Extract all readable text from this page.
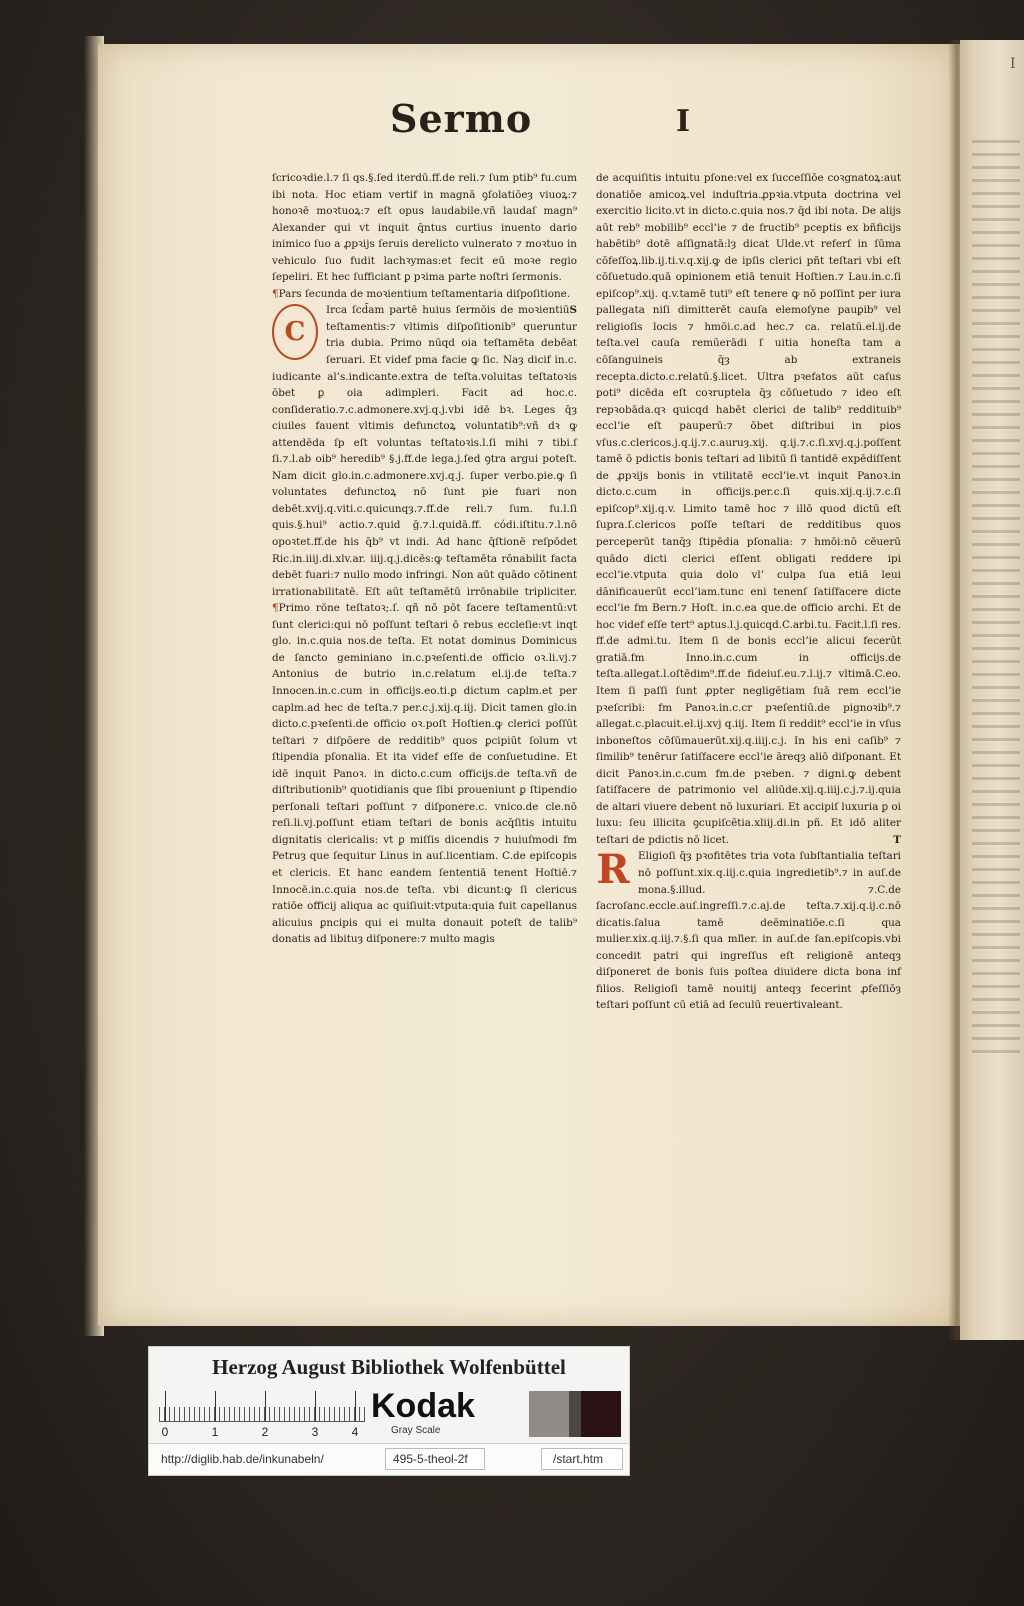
I
Sermo	I

ſcricoꝛdie.l.⁊ ſi qs.§.ſed iterdū.ff.de reli.⁊ ſum ptib⁹ fu.cum ibi nota. Hoc etiam vertif in magnā ꝯſolatiōeȝ viuoꝝ:⁊ honoꝛē moꝛtuoꝝ:⁊ eſt opus laudabile.vñ laudaſ magn⁹ Alexander qui vt inquit q̄ntus curtius inuento dario inimico ſuo a ꝓpꝛijs ſeruis derelicto vulnerato ⁊ moꝛtuo in vehiculo ſuo fudit lachꝛymas:et fecit eū moꝛe regio ſepeliri. Et hec ſufficiant ꝑ pꝛima parte noſtri ſermonis.

¶Pars ſecunda de moꝛientium teſtamentaria diſpoſitione.
S

C
Irca ſcd̄am partē huius ſermōis de moꝛientiū teſtamentis:⁊ vltimis diſpoſitionib⁹ queruntur tria dubia. Primo nūqd oia teſtamēta debēat ſeruari. Et videf pma facie ꝙ ſic. Naȝ dicif in.c. iudicante al’s.indicante.extra de teſta.voluitas teſtatoꝛis ōbet ꝑ oia adimpleri. Facit ad hoc.c. conſideratio.⁊.c.admonere.xvj.q.j.vbi idē bꝛ. Leges q̄ȝ ciuiles fauent vltimis defunctoꝝ voluntatib⁹:vñ dꝛ ꝙ attendēda ſp eſt voluntas teſtatoꝛis.l.ſi mihi ⁊ tibi.ſ ſi.⁊.l.ab oib⁹ heredib⁹ §.j.ff.de lega.j.ſed ꝯtra argui poteſt. Nam dicit glo.in.c.admonere.xvj.q.j. ſuper verbo.pie.ꝙ ſi voluntates defunctoꝝ nō ſunt pie fuari non debēt.xvij.q.viti.c.quicunqȝ.⁊.ff.de reli.⁊ ſum. fu.l.ſi quis.§.hui⁹ actio.⁊.quid ḡ.⁊.l.quidā.ff. códi.iſtitu.⁊.l.nō opoꝛtet.ff.de his q̄b⁹ vt indi. Ad hanc q̄ſtionē reſpōdet Ric.in.iiij.di.xlv.ar. iiij.q.j.dicēs:ꝙ teſtamēta rōnabilit facta debēt fuari:⁊ nullo modo infringi. Non aūt quādo cōtinent irrationabilitatē. Eſt aūt teſtamētū irrōnabile tripliciter. ¶Primo rōne teſtatoꝛ;.ſ. qñ nō pōt facere teſtamentū:vt ſunt clerici:qui nō poſſunt teſtari ō rebus eccleſie:vt inqt glo. in.c.quia nos.de teſta. Et notat dominus Dominicus de ſancto geminiano in.c.pꝛeſenti.de officio oꝛ.li.vj.⁊ Antonius de butrio in.c.relatum el.ij.de teſta.⁊ Innocen.in.c.cum in officijs.eo.ti.ꝑ dictum caplm.et per caplm.ad hec de teſta.⁊ per.c.j.xij.q.iij. Dicit tamen glo.in dicto.c.pꝛeſenti.de officio oꝛ.poſt Hoſtien.ꝙ clerici poſſūt teſtari ⁊ diſpōere de redditib⁹ quos ꝑcipiūt ſolum vt ſtipendia pſonalia. Et ita videf eſſe de conſuetudine. Et idē inquit Panoꝛ. in dicto.c.cum officijs.de teſta.vñ de diſtributionib⁹ quotidianis que ſibi proueniunt ꝑ ſtipendio perſonali teſtari poſſunt ⁊ diſponere.c. vnico.de cle.nō reſi.li.vj.poſſunt etiam teſtari de bonis acq̄ſitis intuitu dignitatis clericalis: vt ꝑ miſſis dicendis ⁊ huiuſmodi fm Petruȝ que ſequitur Linus in auſ.licentiam. C.de epiſcopis et clericis. Et hanc eandem ſententiā tenent Hoſtiē.⁊ Innocē.in.c.quia nos.de teſta. vbi dicunt:ꝙ ſi clericus ratiōe officij aliqua ac quiſiuit:vtputa:quia fuit capellanus alicuius ꝑncipis qui ei multa donauit poteſt de talib⁹ donatis ad libituȝ diſponere:⁊ multo magis

de acquiſitis intuitu pſone:vel ex ſucceſſiōe coꝛgnatoꝝ:aut donatiōe amicoꝝ.vel induſtria.ꝓpꝛia.vtputa doctrina vel exercitio licito.vt in dicto.c.quia nos.⁊ q̄d ibi nota. De alijs aūt reb⁹ mobilib⁹ eccl’ie ⁊ de fructib⁹ pceptis ex bñficijs habētib⁹ dotē aſſignatā:lȝ dicat Ulde.vt referſ in ſūma cōfeſſoꝝ.lib.ij.ti.v.q.xij.ꝙ de ipſis clerici pñt teſtari vbi eſt cōſuetudo.quā opinionem etiā tenuit Hoſtien.⁊ Lau.in.c.ſi epiſcop⁹.xij. q.v.tamē tuti⁹ eſt tenere ꝙ nō poſſint per iura pallegata niſi dimitterēt cauſa elemoſyne pauꝑib⁹ vel religioſis locis ⁊ hmōi.c.ad hec.⁊ ca. relatū.el.ij.de teſta.vel cauſa remūerādi ſ uitia honeſta tam a cōſanguineis q̄ȝ ab extraneis recepta.dicto.c.relatū.§.licet. Ultra pꝛefatos aūt caſus poti⁹ dicēda eſt coꝛruptela q̄ȝ cōſuetudo ⁊ ideo eſt repꝛobāda.qꝛ quicqd habēt clerici de talib⁹ reddituib⁹ eccl’ie eſt pauperū:⁊ ōbet diſtribui in pios vſus.c.clericos.j.q.ij.⁊.c.auruȝ.xij. q.ij.⁊.c.ſi.xvj.q.j.poſſent tamē ō pdictis bonis teſtari ad libitū ſi tantidē expēdiſſent de ꝓpꝛijs bonis in vtilitatē eccl’ie.vt inquit Panoꝛ.in dicto.c.cum in officijs.per.c.ſi quis.xij.q.ij.⁊.c.ſi epiſcop⁹.xij.q.v. Limito tamē hoc ⁊ illō quod dictū eſt ſupra.ſ.clericos poſſe teſtari de redditibus quos perceperūt tanq̄ȝ ſtipēdia pſonalia: ⁊ hmōi:nō cēuerū quādo dicti clerici eſſent obligati reddere ipi eccl’ie.vtputa quia dolo vl’ culpa ſua etiā leui dānificauerūt eccl’iam.tunc eni tenenſ ſatiſfacere dicte eccl’ie fm Bern.⁊ Hoſt. in.c.ea que.de officio archi. Et de hoc videf eſſe tert⁹ aptus.l.j.quicqd.C.arbi.tu. Facit.l.ſi res. ff.de admi.tu. Item ſi de bonis eccl’ie alicui fecerūt gratiā.fm Inno.in.c.cum in officijs.de teſta.allegat.l.oſtēdim⁹.ff.de fideiuſ.eu.⁊.l.ij.⁊ vltimā.C.eo. Item ſi paſſi ſunt ꝓpter negligētiam ſuā rem eccl’ie pꝛeſcribi: fm Panoꝛ.in.c.cr pꝛeſentiū.de pignoꝛib⁹.⁊ allegat.c.placuit.el.ij.xvj q.iij. Item ſi reddit⁹ eccl’ie in vſus inboneſtos cōſūmauerūt.xij.q.iiij.c.j. In his eni caſib⁹ ⁊ ſimilib⁹ tenērur ſatiſfacere eccl’ie āreqȝ aliō diſponant. Et dicit Panoꝛ.in.c.cum fm.de pꝛeben. ⁊ digni.ꝙ debent ſatiſfacere de patrimonio vel aliūde.xij.q.iiij.c.j.⁊.ij.quia de altari viuere debent nō luxuriari. Et accipiſ luxuria ꝑ oi luxu: ſeu illicita ꝯcupiſcētia.xliij.di.in pñ. Et idō aliter teſtari de pdictis nō licet.	T

R Eligioſi q̄ȝ pꝛofitētes tria vota ſubſtantialia teſtari nō poſſunt.xix.q.iij.c.quia ingredietib⁹.⁊ in auſ.de mona.§.illud. ⁊.C.de ſacroſanc.eccle.auſ.ingreſſi.⁊.c.aj.de teſta.⁊.xij.q.ij.c.nō dicatis.ſalua tamē deēminatiōe.c.ſi qua mulier.xix.q.iij.⁊.§.ſi qua mľier. in auſ.de ſan.epiſcopis.vbi concedit patri qui ingreſſus eſt religionē anteqȝ diſponeret de bonis ſuis poſtea diuidere dicta bona inf filios. Religioſi tamē nouitij anteqȝ fecerint ꝓfeſſiōȝ teſtari poſſunt cū etiā ad ſeculū reuertivaleant.

Herzog August Bibliothek Wolfenbüttel
0	1	2	3	4
Kodak
Gray Scale
http://diglib.hab.de/inkunabeln/	495-5-theol-2f	/start.htm
